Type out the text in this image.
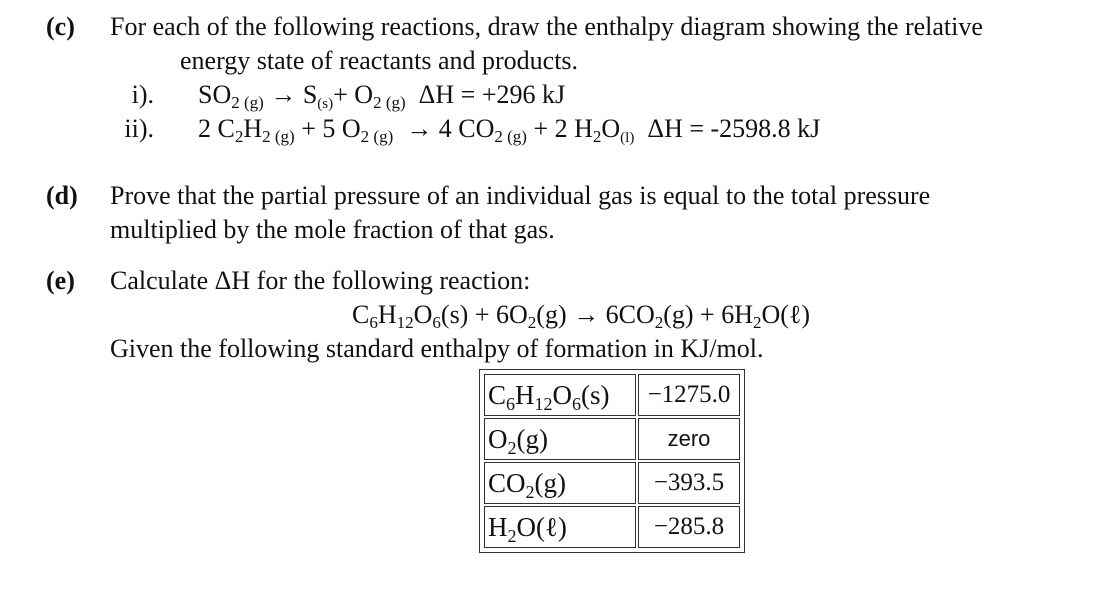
(c) For each of the following reactions, draw the enthalpy diagram showing the relative
energy state of reactants and products.
i). SO2 (g) → S(s)+ O2 (g)  ΔH = +296 kJ
ii). 2 C2H2 (g) + 5 O2 (g)  → 4 CO2 (g) + 2 H2O(l)  ΔH = -2598.8 kJ
(d) Prove that the partial pressure of an individual gas is equal to the total pressure
multiplied by the mole fraction of that gas.
(e) Calculate ΔH for the following reaction:
C6H12O6(s) + 6O2(g) → 6CO2(g) + 6H2O(ℓ)
Given the following standard enthalpy of formation in KJ/mol.
$C_6H_{12}O_6(s)$	−1275.0
$O_2(g)$	zero
$CO_2(g)$	−393.5
$H_2O(\ell)$	−285.8
